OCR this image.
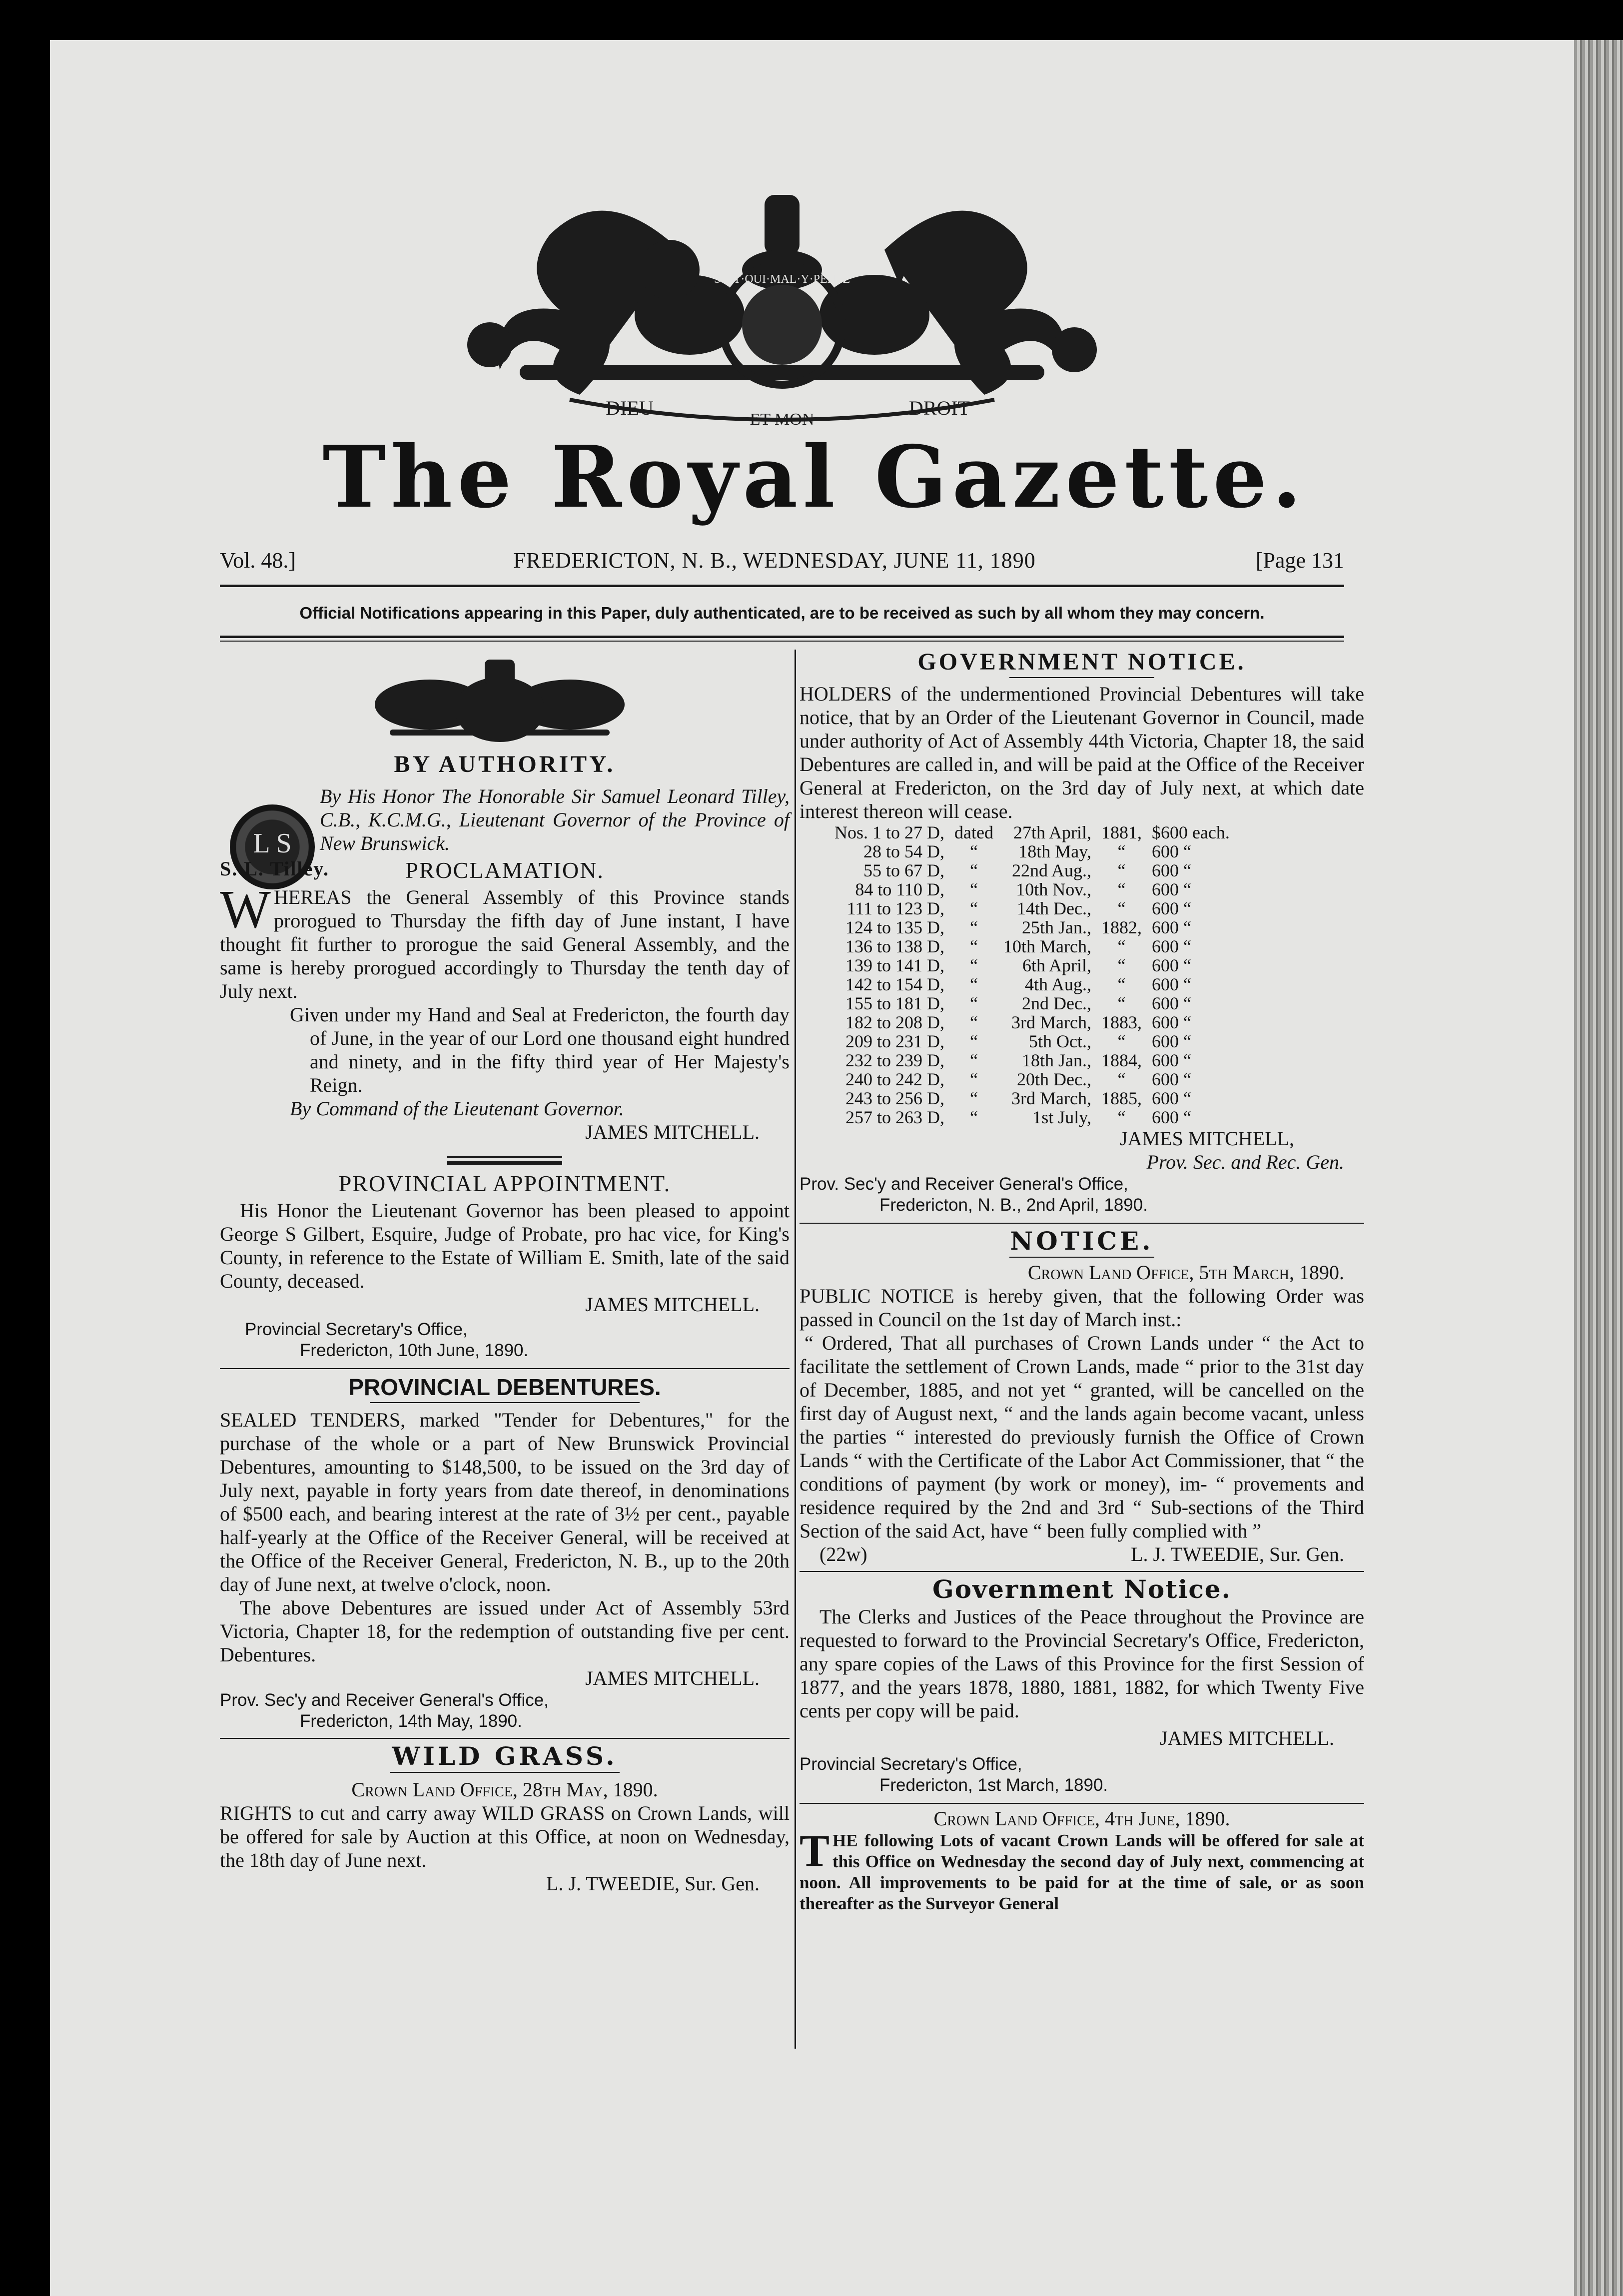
SOIT·QUI·MAL·Y·PENSE
DIEU
ET MON
DROIT
The Royal Gazette.
Vol. 48.]	FREDERICTON, N. B., WEDNESDAY, JUNE 11, 1890	[Page 131
Official Notifications appearing in this Paper, duly authenticated, are to be received as such by all whom they may concern.
L S

BY AUTHORITY.

By His Honor The Honorable Sir Samuel Leonard Tilley, C.B., K.C.M.G., Lieutenant Governor of the Province of New Brunswick.

S. L. Tilley.	PROCLAMATION.

WHEREAS the General Assembly of this Province stands prorogued to Thursday the fifth day of June instant, I have thought fit further to prorogue the said General Assembly, and the same is hereby prorogued accordingly to Thursday the tenth day of July next.

Given under my Hand and Seal at Fredericton, the fourth day of June, in the year of our Lord one thousand eight hundred and ninety, and in the fifty third year of Her Majesty's Reign.

By Command of the Lieutenant Governor.

JAMES MITCHELL.

PROVINCIAL APPOINTMENT.

His Honor the Lieutenant Governor has been pleased to appoint George S Gilbert, Esquire, Judge of Probate, pro hac vice, for King's County, in reference to the Estate of William E. Smith, late of the said County, deceased.

JAMES MITCHELL.

Provincial Secretary's Office,

Fredericton, 10th June, 1890.

PROVINCIAL DEBENTURES.

SEALED TENDERS, marked "Tender for Debentures," for the purchase of the whole or a part of New Brunswick Provincial Debentures, amounting to $148,500, to be issued on the 3rd day of July next, payable in forty years from date thereof, in denominations of $500 each, and bearing interest at the rate of 3½ per cent., payable half-yearly at the Office of the Receiver General, will be received at the Office of the Receiver General, Fredericton, N. B., up to the 20th day of June next, at twelve o'clock, noon.

The above Debentures are issued under Act of Assembly 53rd Victoria, Chapter 18, for the redemption of outstanding five per cent. Debentures.

JAMES MITCHELL.

Prov. Sec'y and Receiver General's Office,

Fredericton, 14th May, 1890.

WILD GRASS.

Crown Land Office, 28th May, 1890.

RIGHTS to cut and carry away WILD GRASS on Crown Lands, will be offered for sale by Auction at this Office, at noon on Wednesday, the 18th day of June next.

L. J. TWEEDIE, Sur. Gen.

GOVERNMENT NOTICE.

HOLDERS of the undermentioned Provincial Debentures will take notice, that by an Order of the Lieutenant Governor in Council, made under authority of Act of Assembly 44th Victoria, Chapter 18, the said Debentures are called in, and will be paid at the Office of the Receiver General at Fredericton, on the 3rd day of July next, at which date interest thereon will cease.

Nos. 1 to 27 D,	dated	27th April,	1881,	$600 each.
28 to 54 D,	“	18th May,	“	600 “
55 to 67 D,	“	22nd Aug.,	“	600 “
84 to 110 D,	“	10th Nov.,	“	600 “
111 to 123 D,	“	14th Dec.,	“	600 “
124 to 135 D,	“	25th Jan.,	1882,	600 “
136 to 138 D,	“	10th March,	“	600 “
139 to 141 D,	“	6th April,	“	600 “
142 to 154 D,	“	4th Aug.,	“	600 “
155 to 181 D,	“	2nd Dec.,	“	600 “
182 to 208 D,	“	3rd March,	1883,	600 “
209 to 231 D,	“	5th Oct.,	“	600 “
232 to 239 D,	“	18th Jan.,	1884,	600 “
240 to 242 D,	“	20th Dec.,	“	600 “
243 to 256 D,	“	3rd March,	1885,	600 “
257 to 263 D,	“	1st July,	“	600 “

JAMES MITCHELL,

Prov. Sec. and Rec. Gen.

Prov. Sec'y and Receiver General's Office,

Fredericton, N. B., 2nd April, 1890.

NOTICE.

Crown Land Office, 5th March, 1890.

PUBLIC NOTICE is hereby given, that the following Order was passed in Council on the 1st day of March inst.:

“ Ordered, That all purchases of Crown Lands under “ the Act to facilitate the settlement of Crown Lands, made “ prior to the 31st day of December, 1885, and not yet “ granted, will be cancelled on the first day of August next, “ and the lands again become vacant, unless the parties “ interested do previously furnish the Office of Crown Lands “ with the Certificate of the Labor Act Commissioner, that “ the conditions of payment (by work or money), im- “ provements and residence required by the 2nd and 3rd “ Sub-sections of the Third Section of the said Act, have “ been fully complied with ”

(22w)	L. J. TWEEDIE, Sur. Gen.

Government Notice.

The Clerks and Justices of the Peace throughout the Province are requested to forward to the Provincial Secretary's Office, Fredericton, any spare copies of the Laws of this Province for the first Session of 1877, and the years 1878, 1880, 1881, 1882, for which Twenty Five cents per copy will be paid.

JAMES MITCHELL.

Provincial Secretary's Office,

Fredericton, 1st March, 1890.

Crown Land Office, 4th June, 1890.

THE following Lots of vacant Crown Lands will be offered for sale at this Office on Wednesday the second day of July next, commencing at noon. All improvements to be paid for at the time of sale, or as soon thereafter as the Surveyor General
